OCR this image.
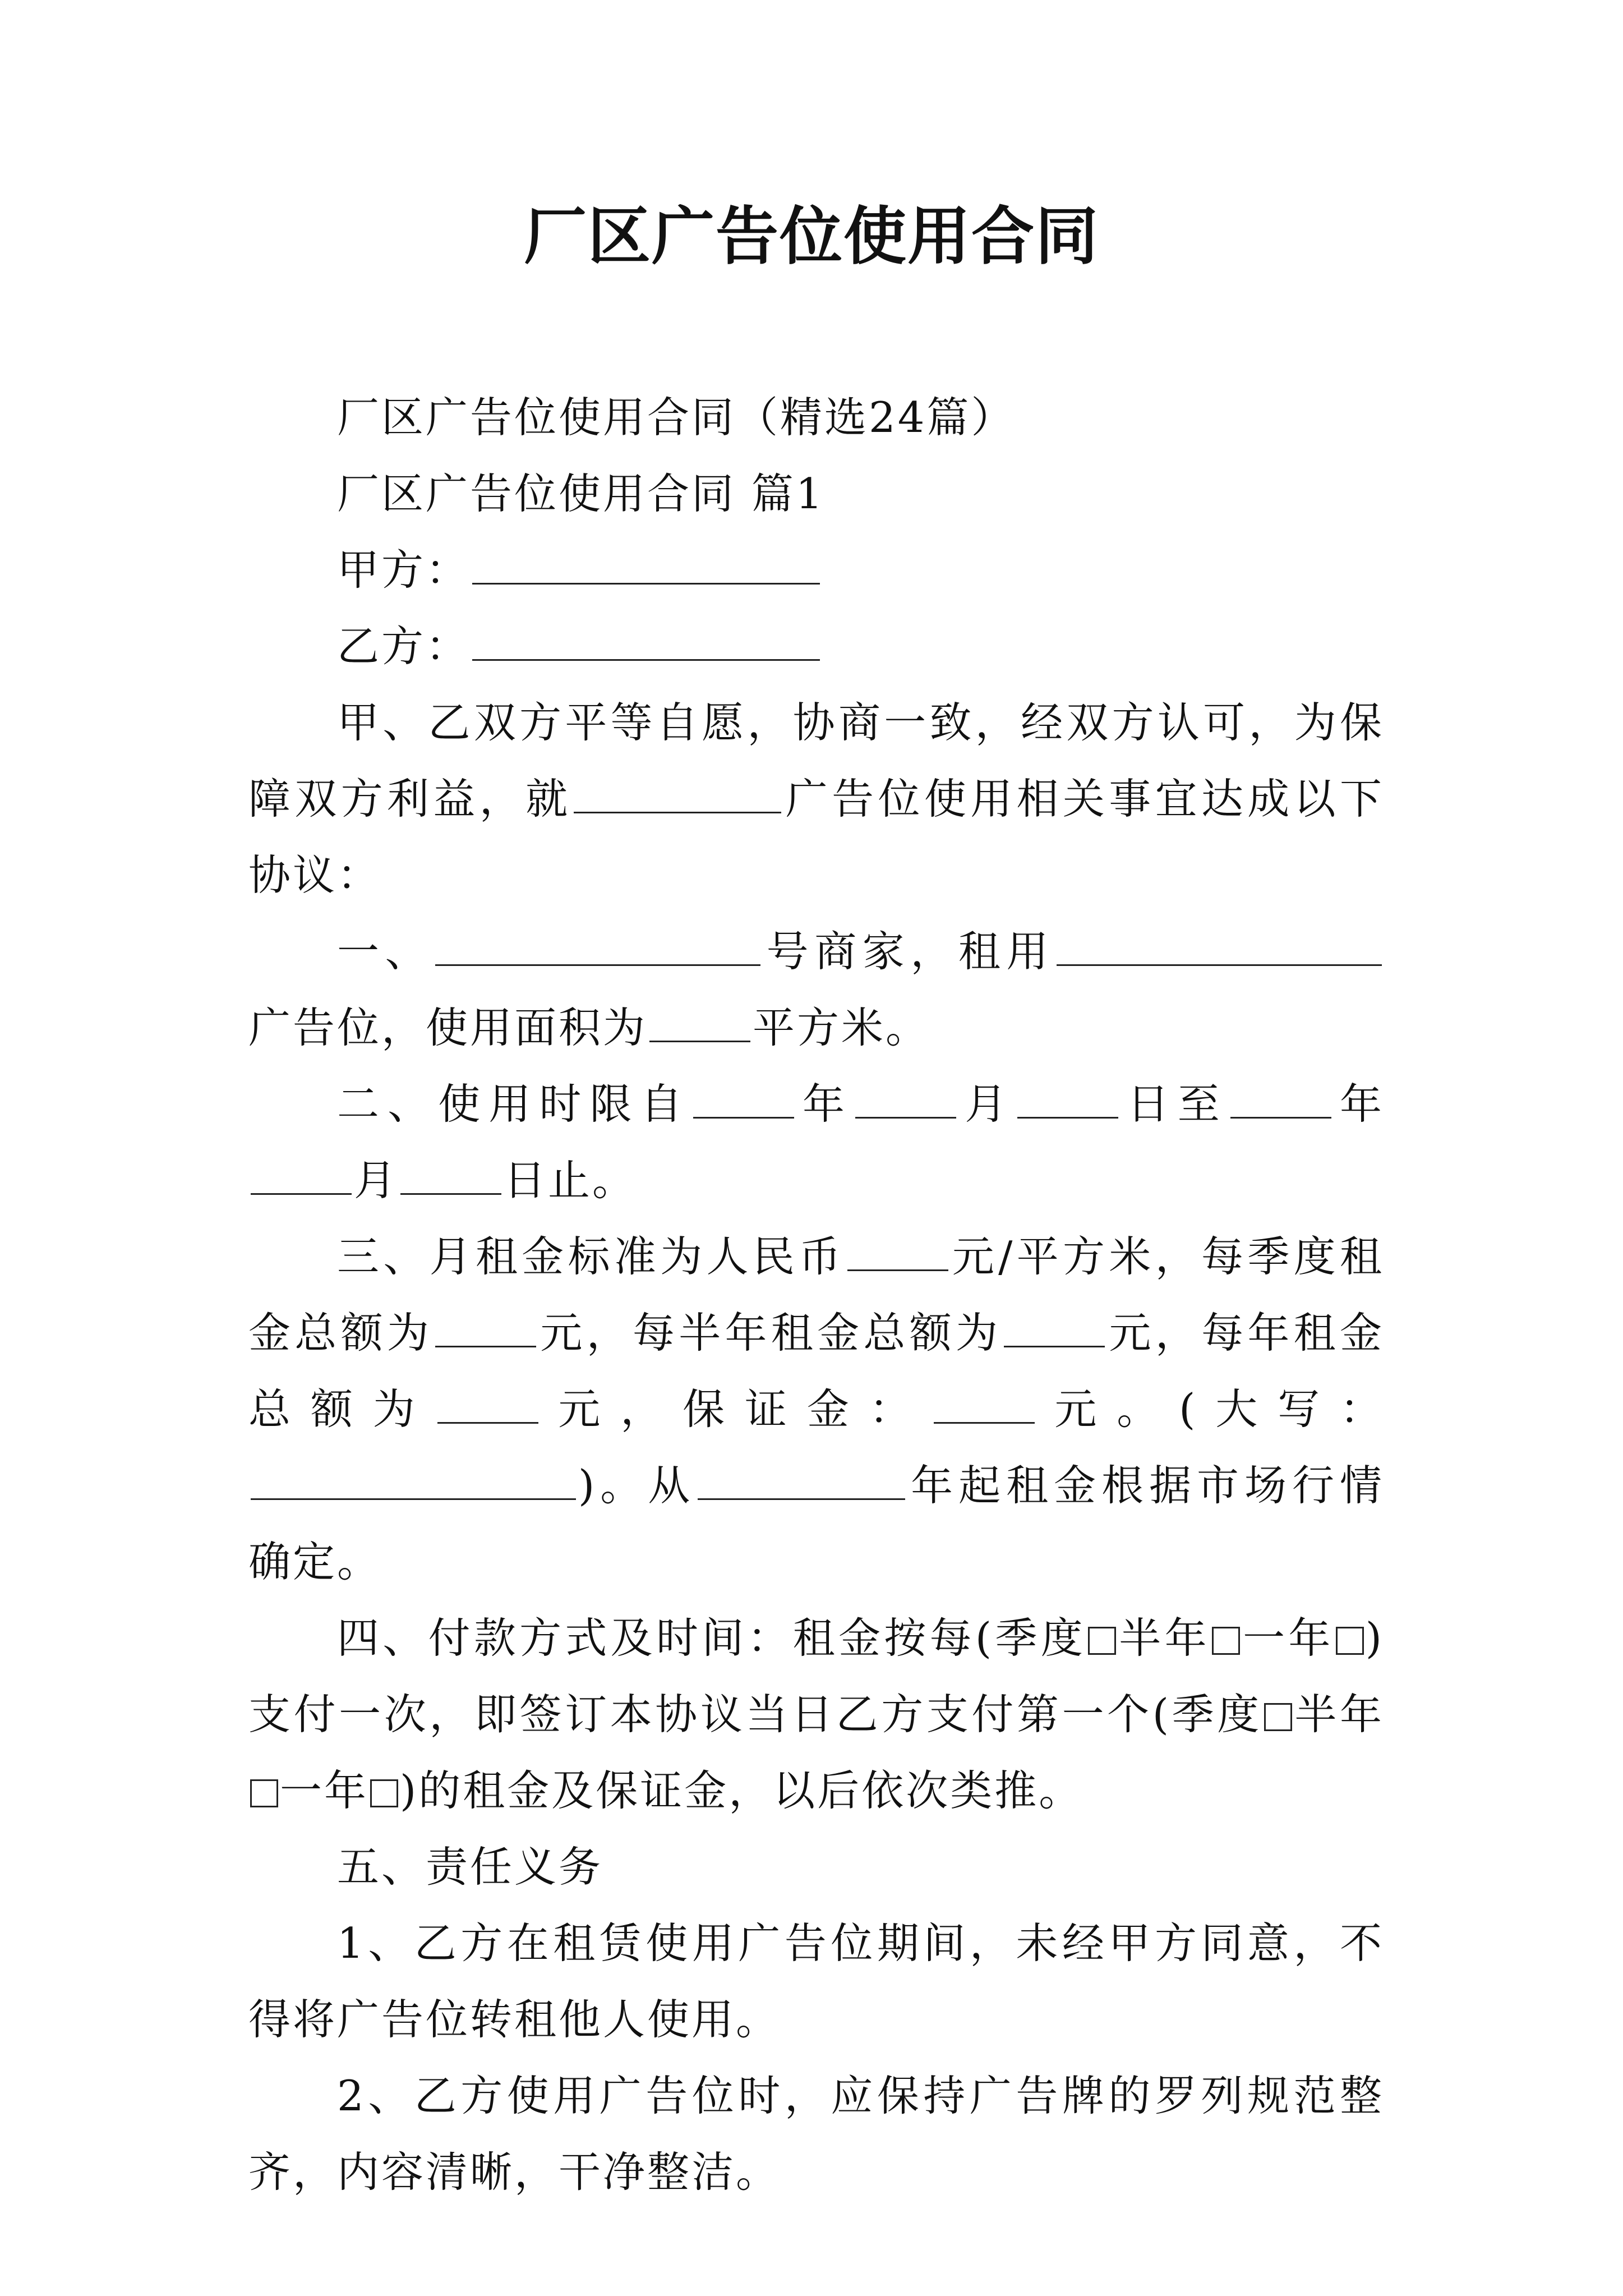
厂区广告位使用合同

厂区广告位使用合同（精选24篇）

厂区广告位使用合同 篇1

甲方：

乙方：

甲、乙双方平等自愿，协商一致，经双方认可，为保障双方利益，就	广告位使用相关事宜达成以下协议：

一、	号商家，租用广告位，使用面积为	平方米。

二、使用时限自	年	月	日至	年月	日止。

三、月租金标准为人民币	元/平方米，每季度租金总额为	元，每半年租金总额为	元，每年租金总额为	元，保证金：	元。(大写：)。从	年起租金根据市场行情确定。

四、付款方式及时间：租金按每(季度 半年 一年 )支付一次，即签订本协议当日乙方支付第一个(季度 半年一年 )的租金及保证金，以后依次类推。

五、责任义务

1、乙方在租赁使用广告位期间，未经甲方同意，不得将广告位转租他人使用。

2、乙方使用广告位时，应保持广告牌的罗列规范整齐，内容清晰，干净整洁。
